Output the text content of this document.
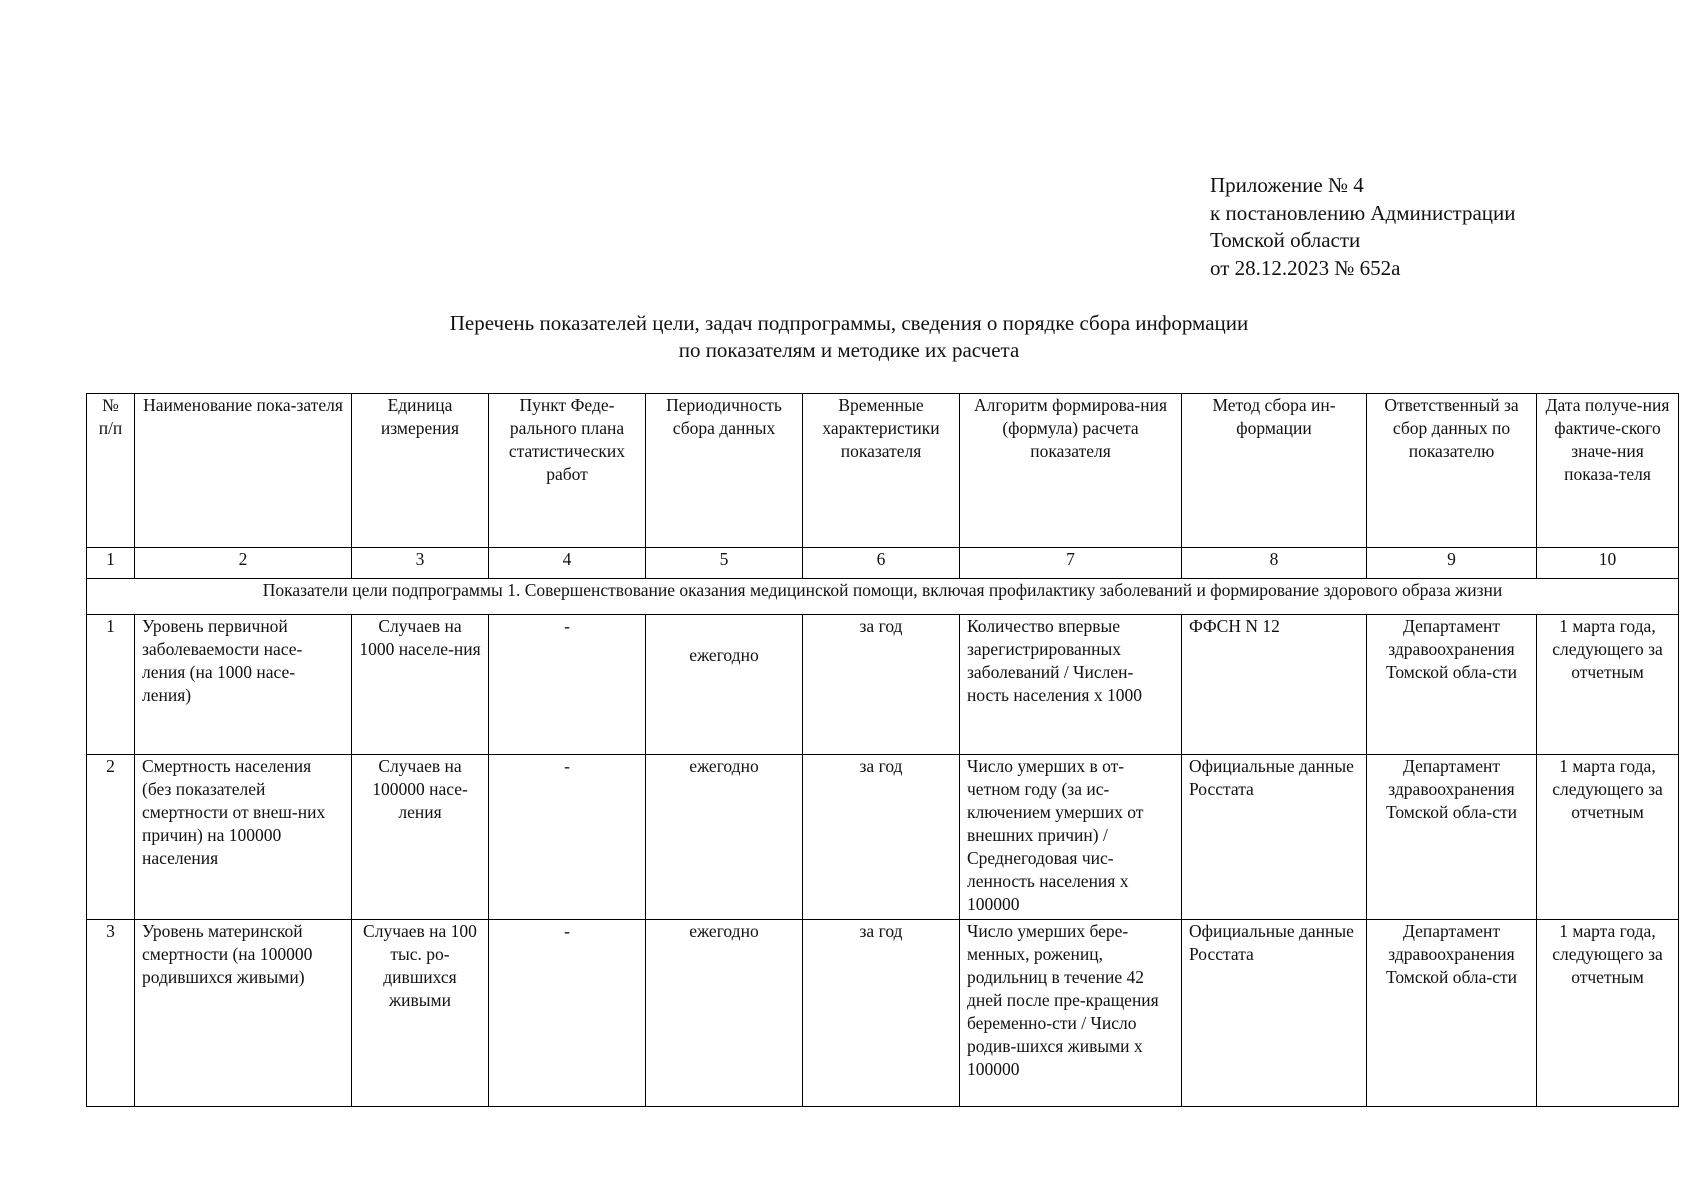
Приложение № 4
к постановлению Администрации
Томской области
от 28.12.2023 № 652а
Перечень показателей цели, задач подпрограммы, сведения о порядке сбора информации
по показателям и методике их расчета
№ п/п	Наименование пока-зателя	Единица измерения	Пункт Феде-рального плана статистических работ	Периодичность сбора данных	Временные характеристики показателя	Алгоритм формирова-ния (формула) расчета показателя	Метод сбора ин-формации	Ответственный за сбор данных по показателю	Дата получе-ния фактиче-ского значе-ния показа-теля
1	2	3	4	5	6	7	8	9	10
Показатели цели подпрограммы 1. Совершенствование оказания медицинской помощи, включая профилактику заболеваний и формирование здорового образа жизни									
1	Уровень первичной заболеваемости насе-ления (на 1000 насе-ления)	Случаев на 1000 населе-ния	-	ежегодно	за год	Количество впервые зарегистрированных заболеваний / Числен-ность населения х 1000	ФФСН N 12	Департамент здравоохранения Томской обла-сти	1 марта года, следующего за отчетным
2	Смертность населения (без показателей смертности от внеш-них причин) на 100000 населения	Случаев на 100000 насе-ления	-	ежегодно	за год	Число умерших в от-четном году (за ис-ключением умерших от внешних причин) / Среднегодовая чис-ленность населения х 100000	Официальные данные Росстата	Департамент здравоохранения Томской обла-сти	1 марта года, следующего за отчетным
3	Уровень материнской смертности (на 100000 родившихся живыми)	Случаев на 100 тыс. ро-дившихся живыми	-	ежегодно	за год	Число умерших бере-менных, рожениц, родильниц в течение 42 дней после пре-кращения беременно-сти / Число родив-шихся живыми х 100000	Официальные данные Росстата	Департамент здравоохранения Томской обла-сти	1 марта года, следующего за отчетным
